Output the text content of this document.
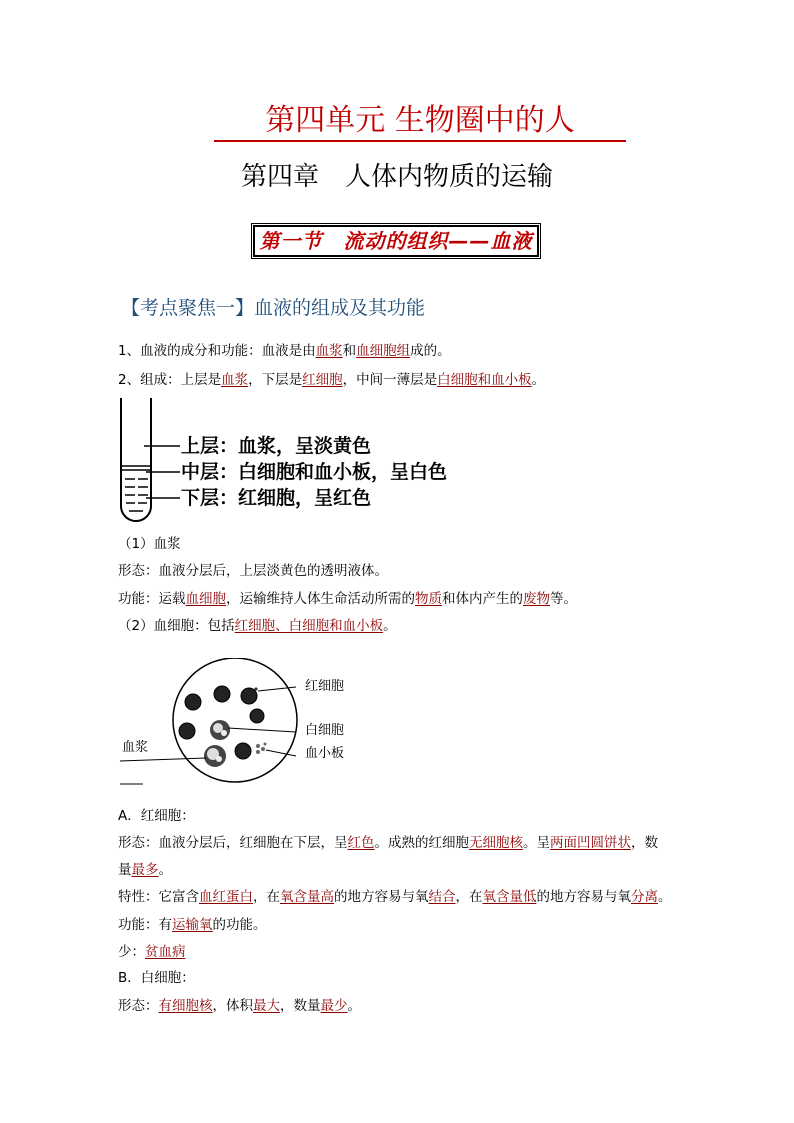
第四单元 生物圈中的人
第四章　人体内物质的运输
第一节　流动的组织——血液
【考点聚焦一】血液的组成及其功能
1、血液的成分和功能：血液是由血浆和血细胞组成的。
2、组成：上层是血浆，下层是红细胞，中间一薄层是白细胞和血小板。
上层：血浆，呈淡黄色
中层：白细胞和血小板，呈白色
下层：红细胞，呈红色
（1）血浆
形态：血液分层后，上层淡黄色的透明液体。
功能：运载血细胞，运输维持人体生命活动所需的物质和体内产生的废物等。
（2）血细胞：包括红细胞、白细胞和血小板。
红细胞
白细胞
血小板
血浆
A．红细胞：
形态：血液分层后，红细胞在下层，呈红色。成熟的红细胞无细胞核。呈两面凹圆饼状，数
量最多。
特性：它富含血红蛋白，在氧含量高的地方容易与氧结合，在氧含量低的地方容易与氧分离。
功能：有运输氧的功能。
少：贫血病
B．白细胞：
形态：有细胞核，体积最大，数量最少。
